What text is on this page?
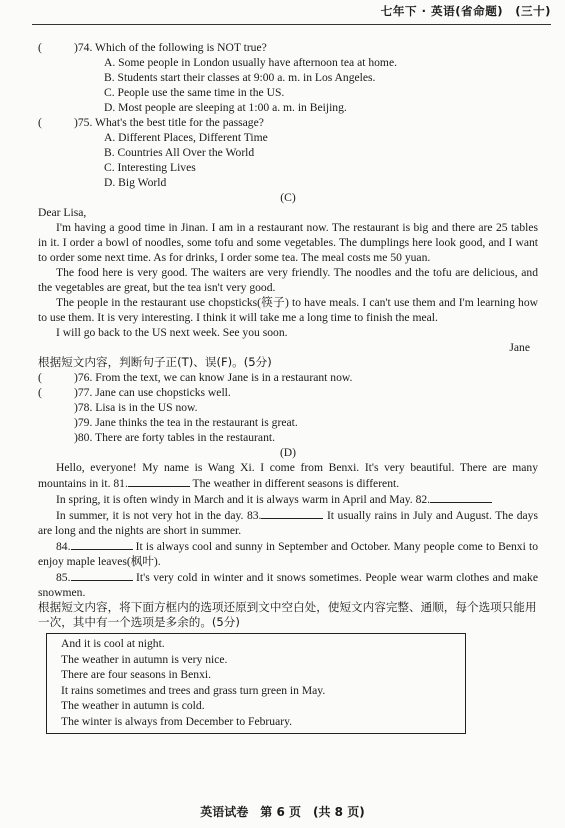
七年下 · 英语(省命题)　(三十)
(	)74. Which of the following is NOT true?
A. Some people in London usually have afternoon tea at home.
B. Students start their classes at 9:00 a. m. in Los Angeles.
C. People use the same time in the US.
D. Most people are sleeping at 1:00 a. m. in Beijing.
(	)75. What's the best title for the passage?
A. Different Places, Different Time
B. Countries All Over the World
C. Interesting Lives
D. Big World
(C)
Dear Lisa,

I'm having a good time in Jinan. I am in a restaurant now. The restaurant is big and there are 25 tables in it. I order a bowl of noodles, some tofu and some vegetables. The dumplings here look good, and I want to order some next time. As for drinks, I order some tea. The meal costs me 50 yuan.

The food here is very good. The waiters are very friendly. The noodles and the tofu are delicious, and the vegetables are great, but the tea isn't very good.

The people in the restaurant use chopsticks(筷子) to have meals. I can't use them and I'm learning how to use them. It is very interesting. I think it will take me a long time to finish the meal.

I will go back to the US next week. See you soon.

Jane
根据短文内容，判断句子正(T)、误(F)。(5分)
(	)76. From the text, we can know Jane is in a restaurant now.
(	)77. Jane can use chopsticks well.
)78. Lisa is in the US now.
)79. Jane thinks the tea in the restaurant is great.
)80. There are forty tables in the restaurant.
(D)

Hello, everyone! My name is Wang Xi. I come from Benxi. It's very beautiful. There are many mountains in it. 81.	The weather in different seasons is different.

In spring, it is often windy in March and it is always warm in April and May. 82.

In summer, it is not very hot in the day. 83.	It usually rains in July and August. The days are long and the nights are short in summer.

84.	It is always cool and sunny in September and October. Many people come to Benxi to enjoy maple leaves(枫叶).

85.	It's very cold in winter and it snows sometimes. People wear warm clothes and make snowmen.

根据短文内容，将下面方框内的选项还原到文中空白处，使短文内容完整、通顺，每个选项只能用一次，其中有一个选项是多余的。(5分)
And it is cool at night.
The weather in autumn is very nice.
There are four seasons in Benxi.
It rains sometimes and trees and grass turn green in May.
The weather in autumn is cold.
The winter is always from December to February.
英语试卷　第 6 页　(共 8 页)
